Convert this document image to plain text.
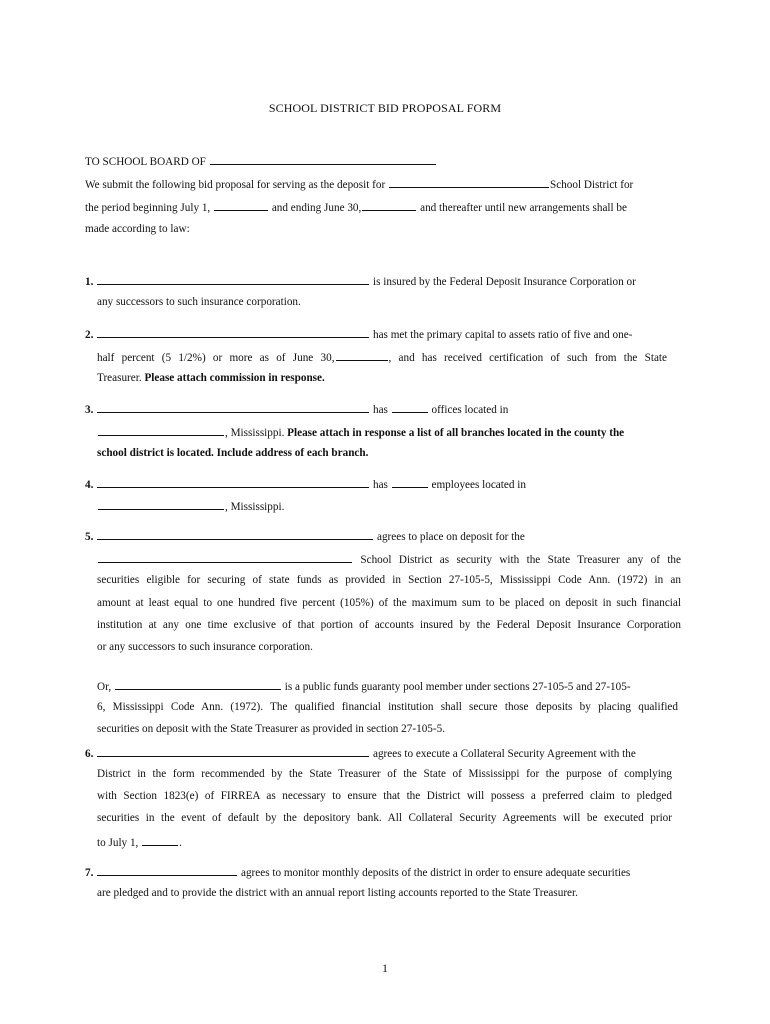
SCHOOL DISTRICT BID PROPOSAL FORM
TO SCHOOL BOARD OF
We submit the following bid proposal for serving as the deposit for	School District for
the period beginning July 1,	and ending June 30,	and thereafter until new arrangements shall be
made according to law:
1.	is insured by the Federal Deposit Insurance Corporation or
any successors to such insurance corporation.
2.	has met the primary capital to assets ratio of five and one-
half percent (5 1/2%) or more as of June 30,	, and has received certification of such from the State
Treasurer. Please attach commission in response.
3.	has	offices located in
, Mississippi. Please attach in response a list of all branches located in the county the
school district is located. Include address of each branch.
4.	has	employees located in
, Mississippi.
5.	agrees to place on deposit for the
School District as security with the State Treasurer any of the
securities eligible for securing of state funds as provided in Section 27-105-5, Mississippi Code Ann. (1972) in an
amount at least equal to one hundred five percent (105%) of the maximum sum to be placed on deposit in such financial
institution at any one time exclusive of that portion of accounts insured by the Federal Deposit Insurance Corporation
or any successors to such insurance corporation.
Or,	is a public funds guaranty pool member under sections 27-105-5 and 27-105-
6, Mississippi Code Ann. (1972). The qualified financial institution shall secure those deposits by placing qualified
securities on deposit with the State Treasurer as provided in section 27-105-5.
6.	agrees to execute a Collateral Security Agreement with the
District in the form recommended by the State Treasurer of the State of Mississippi for the purpose of complying
with Section 1823(e) of FIRREA as necessary to ensure that the District will possess a preferred claim to pledged
securities in the event of default by the depository bank. All Collateral Security Agreements will be executed prior
to July 1,	.
7.	agrees to monitor monthly deposits of the district in order to ensure adequate securities
are pledged and to provide the district with an annual report listing accounts reported to the State Treasurer.
1
